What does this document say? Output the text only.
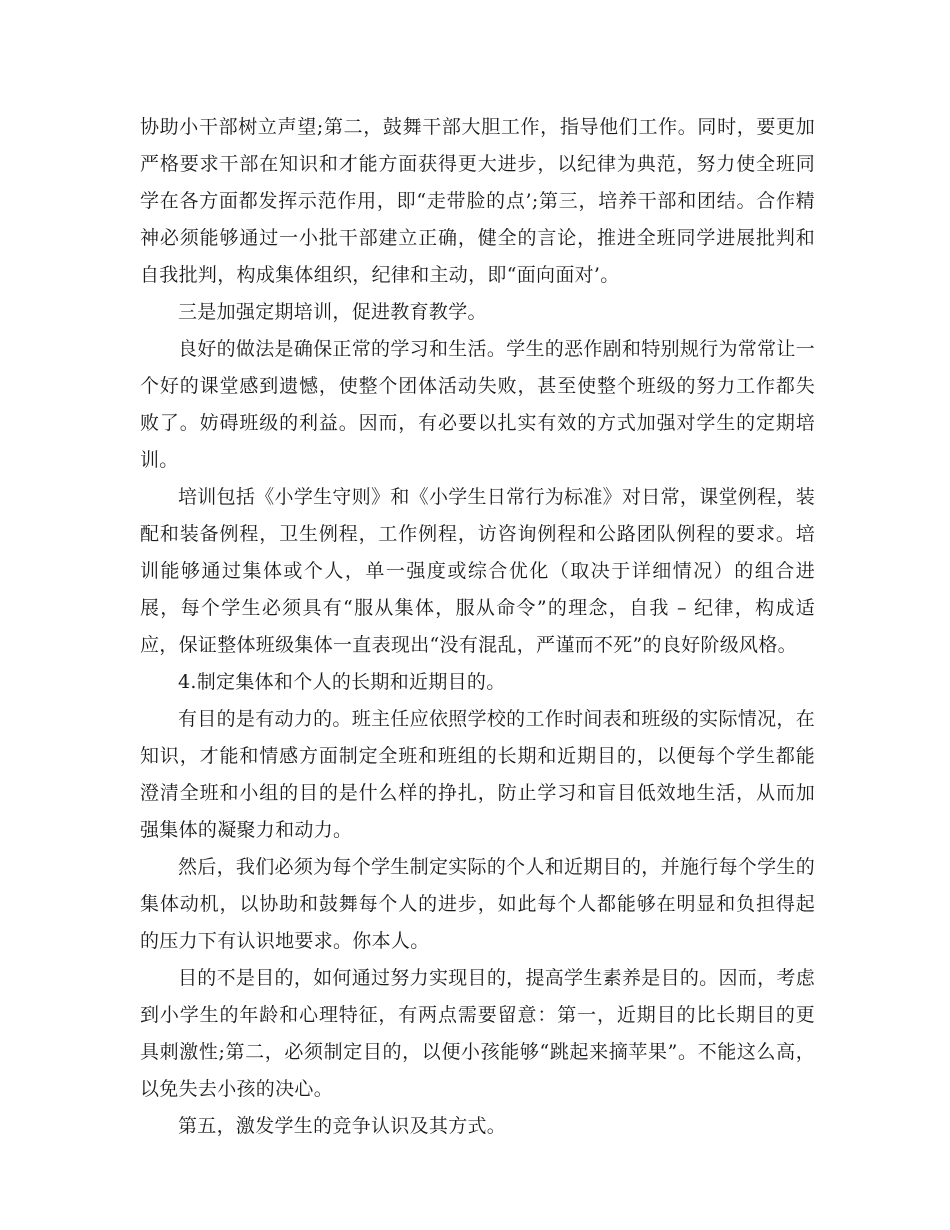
协助小干部树立声望;第二，鼓舞干部大胆工作，指导他们工作。同时，要更加严格要求干部在知识和才能方面获得更大进步，以纪律为典范，努力使全班同学在各方面都发挥示范作用，即“走带脸的点’;第三，培养干部和团结。合作精神必须能够通过一小批干部建立正确，健全的言论，推进全班同学进展批判和自我批判，构成集体组织，纪律和主动，即“面向面对’。

三是加强定期培训，促进教育教学。

良好的做法是确保正常的学习和生活。学生的恶作剧和特别规行为常常让一个好的课堂感到遗憾，使整个团体活动失败，甚至使整个班级的努力工作都失败了。妨碍班级的利益。因而，有必要以扎实有效的方式加强对学生的定期培训。

培训包括《小学生守则》和《小学生日常行为标准》对日常，课堂例程，装配和装备例程，卫生例程，工作例程，访咨询例程和公路团队例程的要求。培训能够通过集体或个人，单一强度或综合优化（取决于详细情况）的组合进展，每个学生必须具有“服从集体，服从命令”的理念，自我 – 纪律，构成适应，保证整体班级集体一直表现出“没有混乱，严谨而不死”的良好阶级风格。

4.制定集体和个人的长期和近期目的。

有目的是有动力的。班主任应依照学校的工作时间表和班级的实际情况，在知识，才能和情感方面制定全班和班组的长期和近期目的，以便每个学生都能澄清全班和小组的目的是什么样的挣扎，防止学习和盲目低效地生活，从而加强集体的凝聚力和动力。

然后，我们必须为每个学生制定实际的个人和近期目的，并施行每个学生的集体动机，以协助和鼓舞每个人的进步，如此每个人都能够在明显和负担得起的压力下有认识地要求。你本人。

目的不是目的，如何通过努力实现目的，提高学生素养是目的。因而，考虑到小学生的年龄和心理特征，有两点需要留意：第一，近期目的比长期目的更具刺激性;第二，必须制定目的，以便小孩能够“跳起来摘苹果”。不能这么高，以免失去小孩的决心。

第五，激发学生的竞争认识及其方式。
